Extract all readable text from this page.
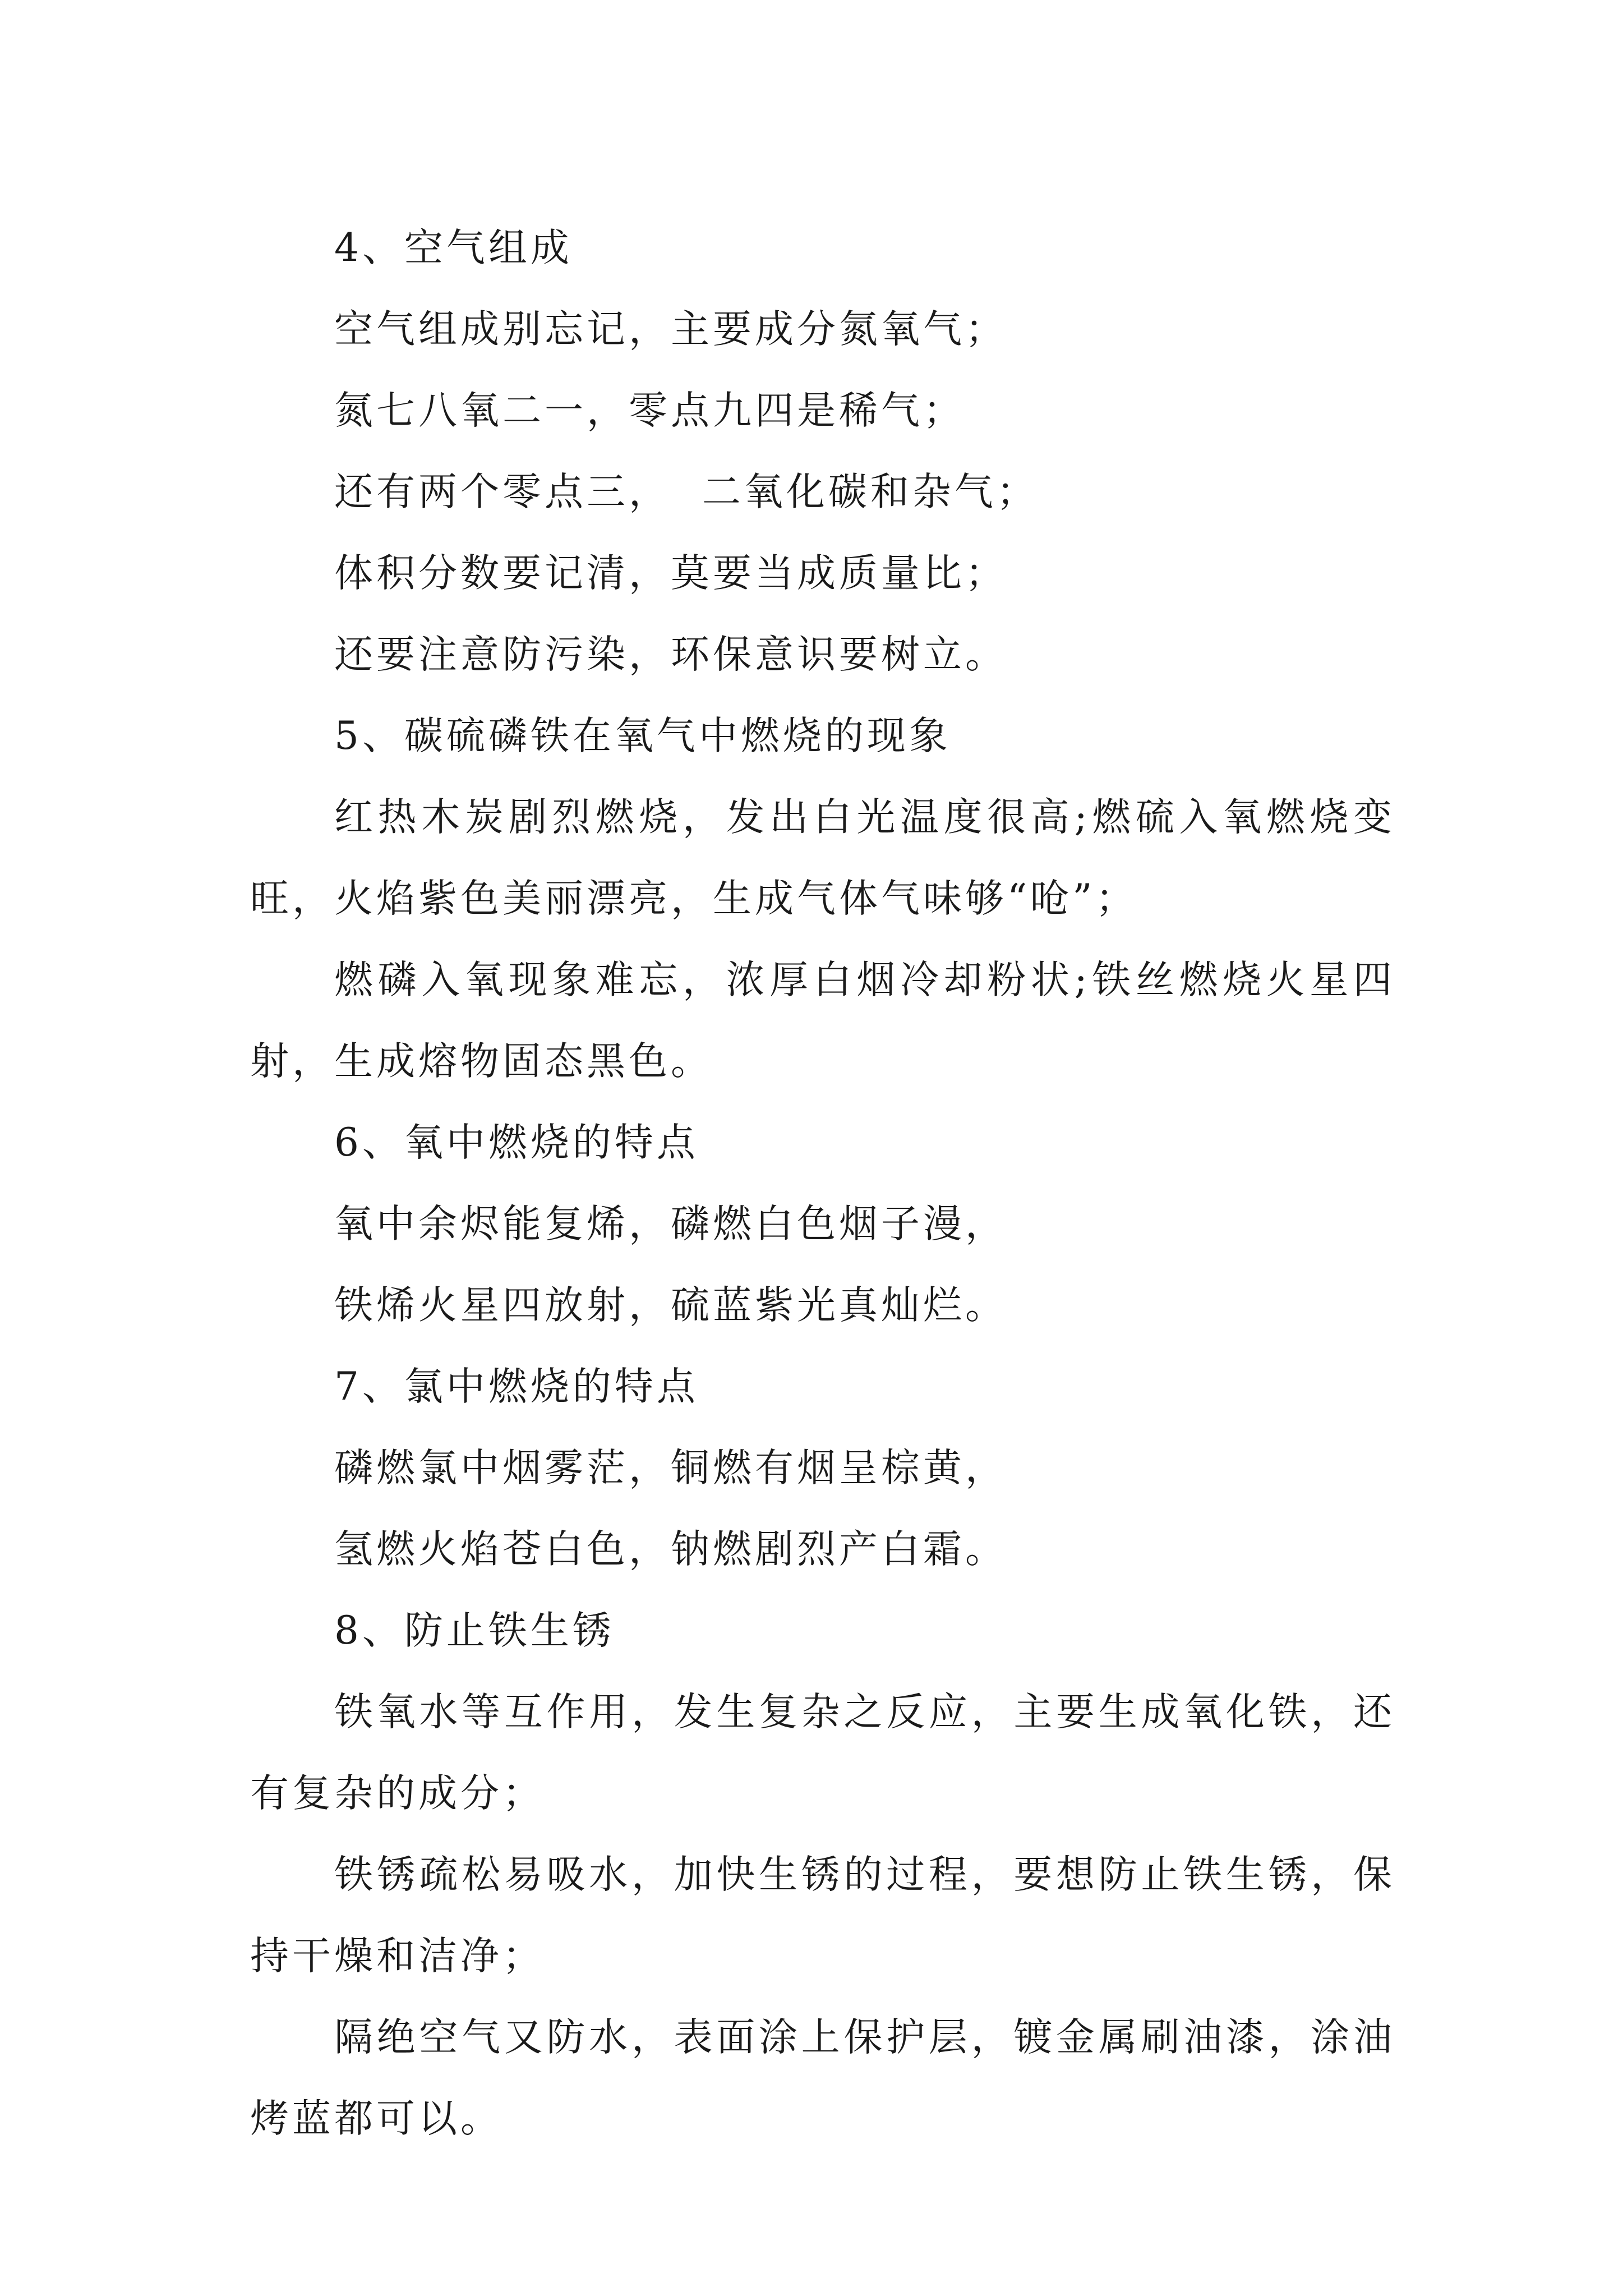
4、空气组成
空气组成别忘记，主要成分氮氧气；
氮七八氧二一，零点九四是稀气；
还有两个零点三，  二氧化碳和杂气；
体积分数要记清，莫要当成质量比；
还要注意防污染，环保意识要树立。
5、碳硫磷铁在氧气中燃烧的现象
红热木炭剧烈燃烧，发出白光温度很高;燃硫入氧燃烧变旺，火焰紫色美丽漂亮，生成气体气味够“呛”；
燃磷入氧现象难忘，浓厚白烟冷却粉状;铁丝燃烧火星四射，生成熔物固态黑色。
6、氧中燃烧的特点
氧中余烬能复烯，磷燃白色烟子漫，
铁烯火星四放射，硫蓝紫光真灿烂。
7、氯中燃烧的特点
磷燃氯中烟雾茫，铜燃有烟呈棕黄，
氢燃火焰苍白色，钠燃剧烈产白霜。
8、防止铁生锈
铁氧水等互作用，发生复杂之反应，主要生成氧化铁，还有复杂的成分；
铁锈疏松易吸水，加快生锈的过程，要想防止铁生锈，保持干燥和洁净；
隔绝空气又防水，表面涂上保护层，镀金属刷油漆，涂油烤蓝都可以。
